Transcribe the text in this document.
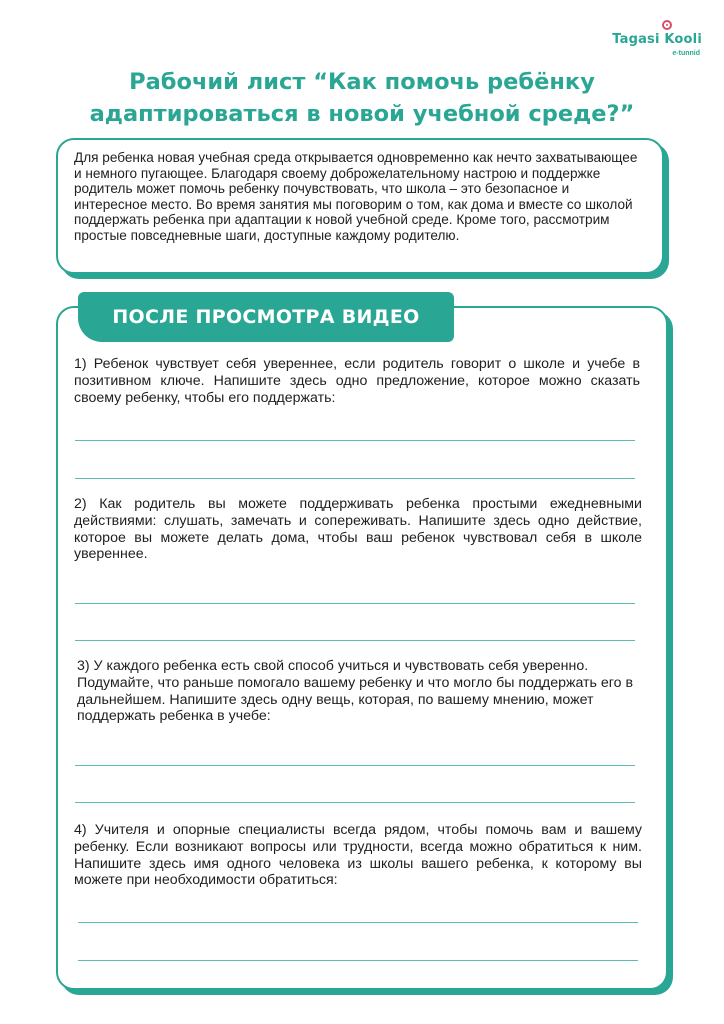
Tagasi Kooli
e-tunnid
Рабочий лист “Как помочь ребёнку
адаптироваться в новой учебной среде?”
Для ребенка новая учебная среда открывается одновременно как нечто захватывающее и немного пугающее. Благодаря своему доброжелательному настрою и поддержке родитель может помочь ребенку почувствовать, что школа – это безопасное и интересное место. Во время занятия мы поговорим о том, как дома и вместе со школой поддержать ребенка при адаптации к новой учебной среде. Кроме того, рассмотрим простые повседневные шаги, доступные каждому родителю.
ПОСЛЕ ПРОСМОТРА ВИДЕО

1) Ребенок чувствует себя увереннее, если родитель говорит о школе и учебе в позитивном ключе. Напишите здесь одно предложение, которое можно сказать своему ребенку, чтобы его поддержать:

2) Как родитель вы можете поддерживать ребенка простыми ежедневными действиями: слушать, замечать и сопереживать. Напишите здесь одно действие, которое вы можете делать дома, чтобы ваш ребенок чувствовал себя в школе увереннее.

3) У каждого ребенка есть свой способ учиться и чувствовать себя уверенно. Подумайте, что раньше помогало вашему ребенку и что могло бы поддержать его в дальнейшем. Напишите здесь одну вещь, которая, по вашему мнению, может поддержать ребенка в учебе:

4) Учителя и опорные специалисты всегда рядом, чтобы помочь вам и вашему ребенку. Если возникают вопросы или трудности, всегда можно обратиться к ним. Напишите здесь имя одного человека из школы вашего ребенка, к которому вы можете при необходимости обратиться:
